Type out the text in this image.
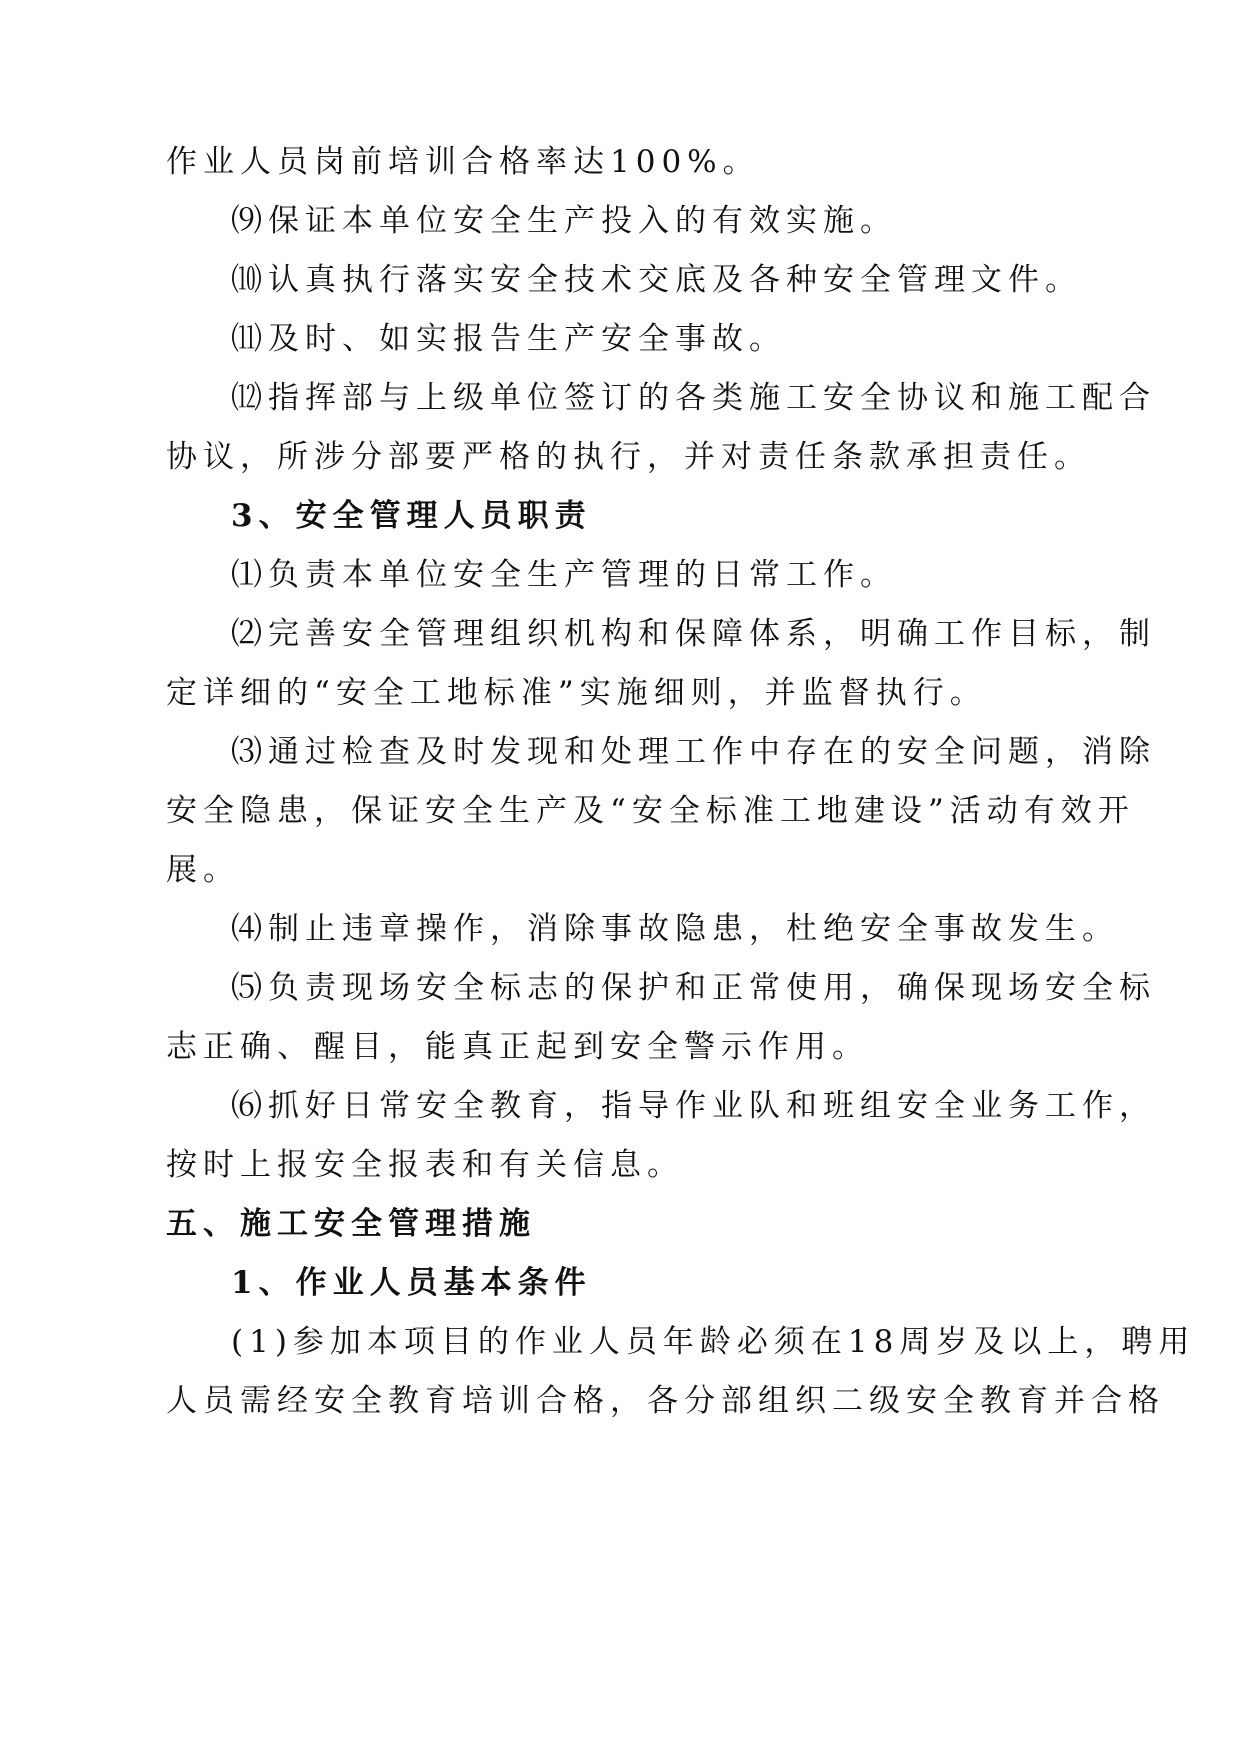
作业人员岗前培训合格率达100%。
⑼保证本单位安全生产投入的有效实施。
⑽认真执行落实安全技术交底及各种安全管理文件。
⑾及时、如实报告生产安全事故。
⑿指挥部与上级单位签订的各类施工安全协议和施工配合
协议，所涉分部要严格的执行，并对责任条款承担责任。
3、安全管理人员职责
⑴负责本单位安全生产管理的日常工作。
⑵完善安全管理组织机构和保障体系，明确工作目标，制
定详细的“安全工地标准”实施细则，并监督执行。
⑶通过检查及时发现和处理工作中存在的安全问题，消除
安全隐患，保证安全生产及“安全标准工地建设”活动有效开
展。
⑷制止违章操作，消除事故隐患，杜绝安全事故发生。
⑸负责现场安全标志的保护和正常使用，确保现场安全标
志正确、醒目，能真正起到安全警示作用。
⑹抓好日常安全教育，指导作业队和班组安全业务工作，
按时上报安全报表和有关信息。
五、施工安全管理措施
1、作业人员基本条件
(1)参加本项目的作业人员年龄必须在18周岁及以上，聘用
人员需经安全教育培训合格，各分部组织二级安全教育并合格
